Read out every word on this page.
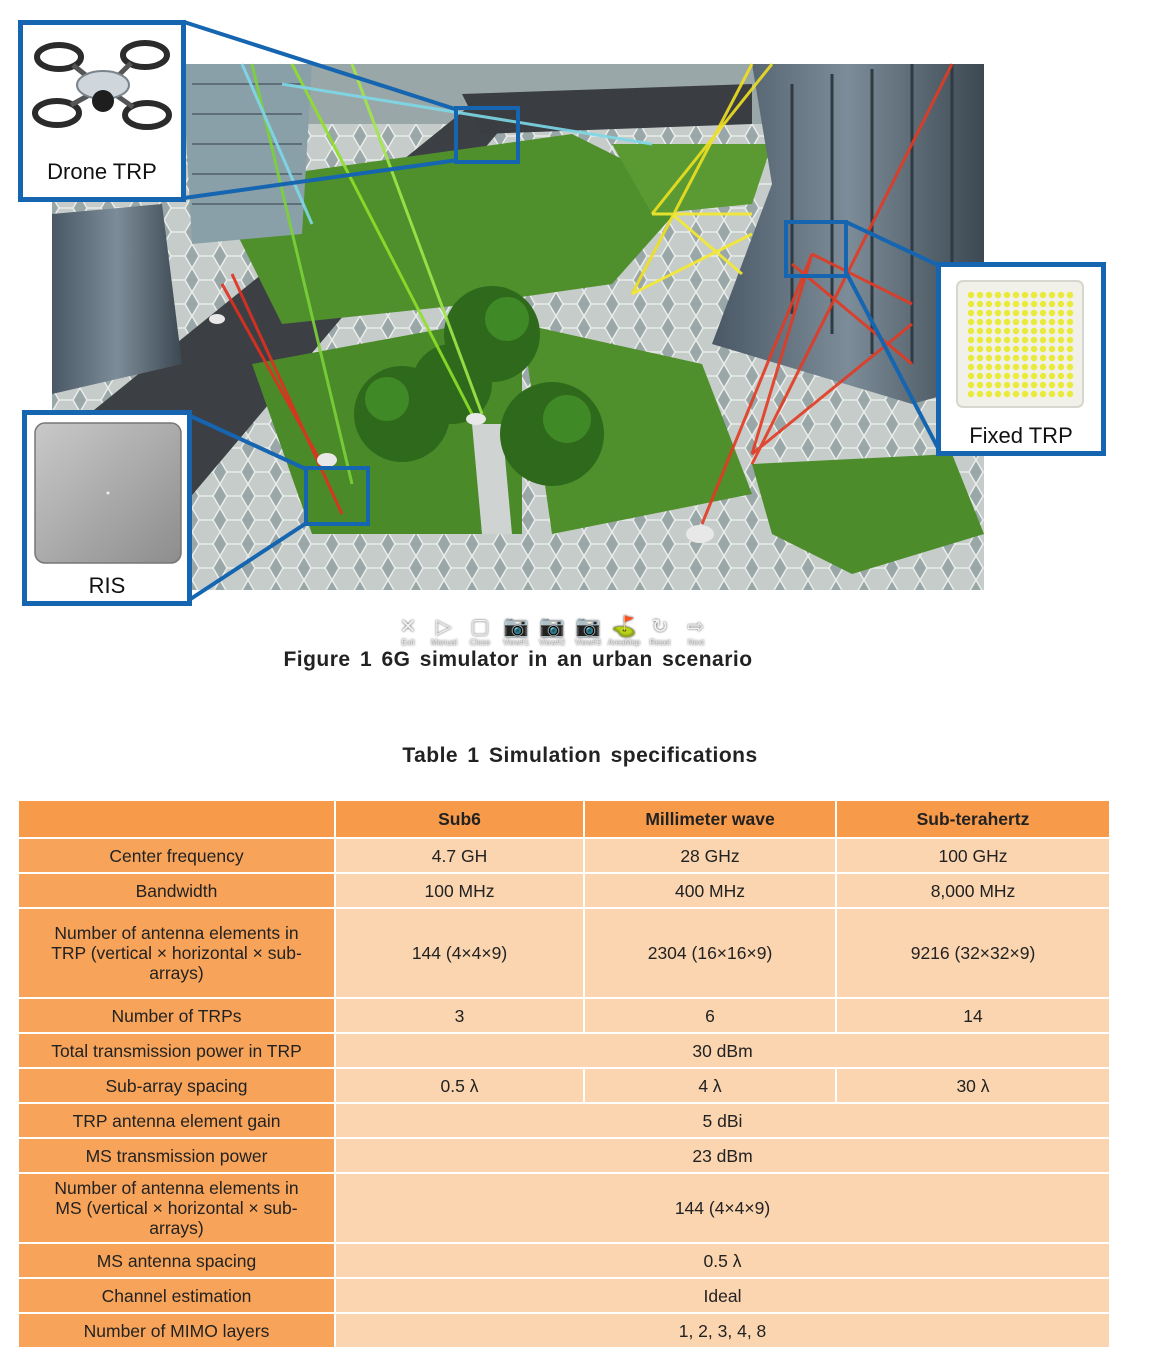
✕
Exit
▷
Manual
▢
Close
📷
View#1
📷
View#2
📷
View#3
⛳
AreaMap
↻
Reset
⇨
Next
Drone TRP
Fixed TRP
RIS
Figure 1 6G simulator in an urban scenario
Table 1 Simulation specifications
	Sub6	Millimeter wave	Sub-terahertz
Center frequency	4.7 GH	28 GHz	100 GHz
Bandwidth	100 MHz	400 MHz	8,000 MHz
Number of antenna elements in TRP (vertical × horizontal × sub-arrays)	144 (4×4×9)	2304 (16×16×9)	9216 (32×32×9)
Number of TRPs	3	6	14
Total transmission power in TRP	30 dBm		
Sub-array spacing	0.5 λ	4 λ	30 λ
TRP antenna element gain	5 dBi		
MS transmission power	23 dBm		
Number of antenna elements in MS (vertical × horizontal × sub-arrays)	144 (4×4×9)		
MS antenna spacing	0.5 λ		
Channel estimation	Ideal		
Number of MIMO layers	1, 2, 3, 4, 8		
